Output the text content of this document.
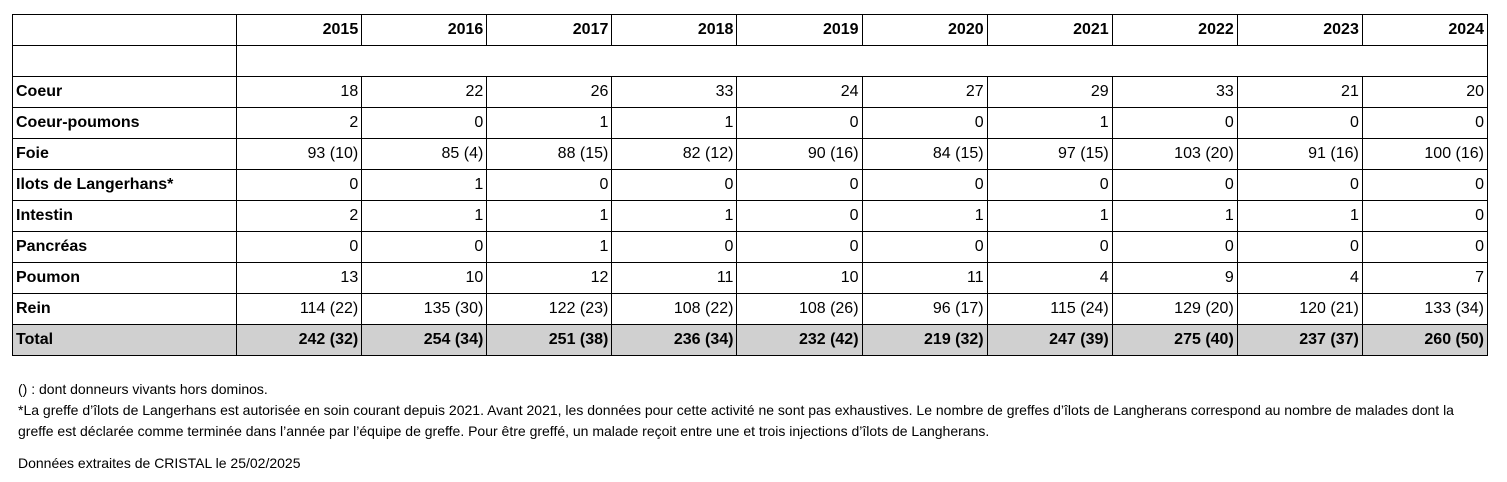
	2015	2016	2017	2018	2019	2020	2021	2022	2023	2024

Coeur	18	22	26	33	24	27	29	33	21	20
Coeur-poumons	2	0	1	1	0	0	1	0	0	0
Foie	93 (10)	85 (4)	88 (15)	82 (12)	90 (16)	84 (15)	97 (15)	103 (20)	91 (16)	100 (16)
Ilots de Langerhans*	0	1	0	0	0	0	0	0	0	0
Intestin	2	1	1	1	0	1	1	1	1	0
Pancréas	0	0	1	0	0	0	0	0	0	0
Poumon	13	10	12	11	10	11	4	9	4	7
Rein	114 (22)	135 (30)	122 (23)	108 (22)	108 (26)	96 (17)	115 (24)	129 (20)	120 (21)	133 (34)
Total	242 (32)	254 (34)	251 (38)	236 (34)	232 (42)	219 (32)	247 (39)	275 (40)	237 (37)	260 (50)

() : dont donneurs vivants hors dominos.

*La greffe d’îlots de Langerhans est autorisée en soin courant depuis 2021. Avant 2021, les données pour cette activité ne sont pas exhaustives. Le nombre de greffes d’îlots de Langherans correspond au nombre de malades dont la greffe est déclarée comme terminée dans l’année par l’équipe de greffe. Pour être greffé, un malade reçoit entre une et trois injections d’îlots de Langherans.

Données extraites de CRISTAL le 25/02/2025
